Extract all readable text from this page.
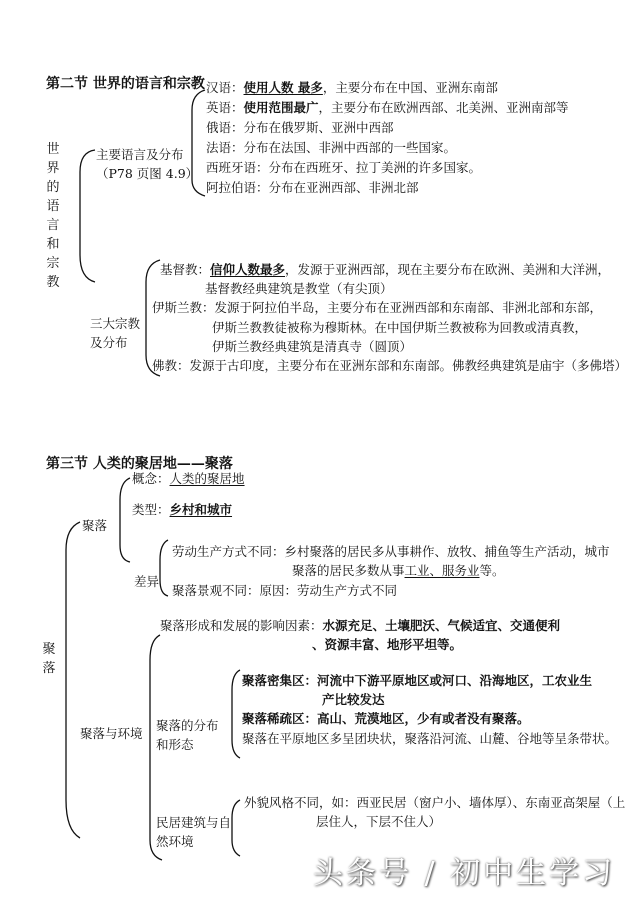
第二节 世界的语言和宗教
世界的语言和宗教
主要语言及分布
（P78 页图 4.9）
汉语：使用人数 最多，主要分布在中国、亚洲东南部
英语：使用范围最广，主要分布在欧洲西部、北美洲、亚洲南部等
俄语：分布在俄罗斯、亚洲中西部
法语：分布在法国、非洲中西部的一些国家。
西班牙语：分布在西班牙、拉丁美洲的许多国家。
阿拉伯语：分布在亚洲西部、非洲北部
三大宗教
及分布
基督教：信仰人数最多，发源于亚洲西部，现在主要分布在欧洲、美洲和大洋洲，
基督教经典建筑是教堂（有尖顶）
伊斯兰教：发源于阿拉伯半岛，主要分布在亚洲西部和东南部、非洲北部和东部，
伊斯兰教教徒被称为穆斯林。在中国伊斯兰教被称为回教或清真教，
伊斯兰教经典建筑是清真寺（圆顶）
佛教：发源于古印度，主要分布在亚洲东部和东南部。佛教经典建筑是庙宇（多佛塔）
第三节 人类的聚居地——聚落
聚落
聚落
概念：人类的聚居地
类型：乡村和城市
差异
劳动生产方式不同：乡村聚落的居民多从事耕作、放牧、捕鱼等生产活动，城市
聚落的居民多数从事工业、服务业等。
聚落景观不同：原因：劳动生产方式不同
聚落与环境
聚落形成和发展的影响因素：水源充足、土壤肥沃、气候适宜、交通便利
、资源丰富、地形平坦等。
聚落的分布
和形态
聚落密集区：河流中下游平原地区或河口、沿海地区，工农业生
产比较发达
聚落稀疏区：高山、荒漠地区，少有或者没有聚落。
聚落在平原地区多呈团块状，聚落沿河流、山麓、谷地等呈条带状。
民居建筑与自
然环境
外貌风格不同，如：西亚民居（窗户小、墙体厚）、东南亚高架屋（上
层住人，下层不住人）
头条号 / 初中生学习
